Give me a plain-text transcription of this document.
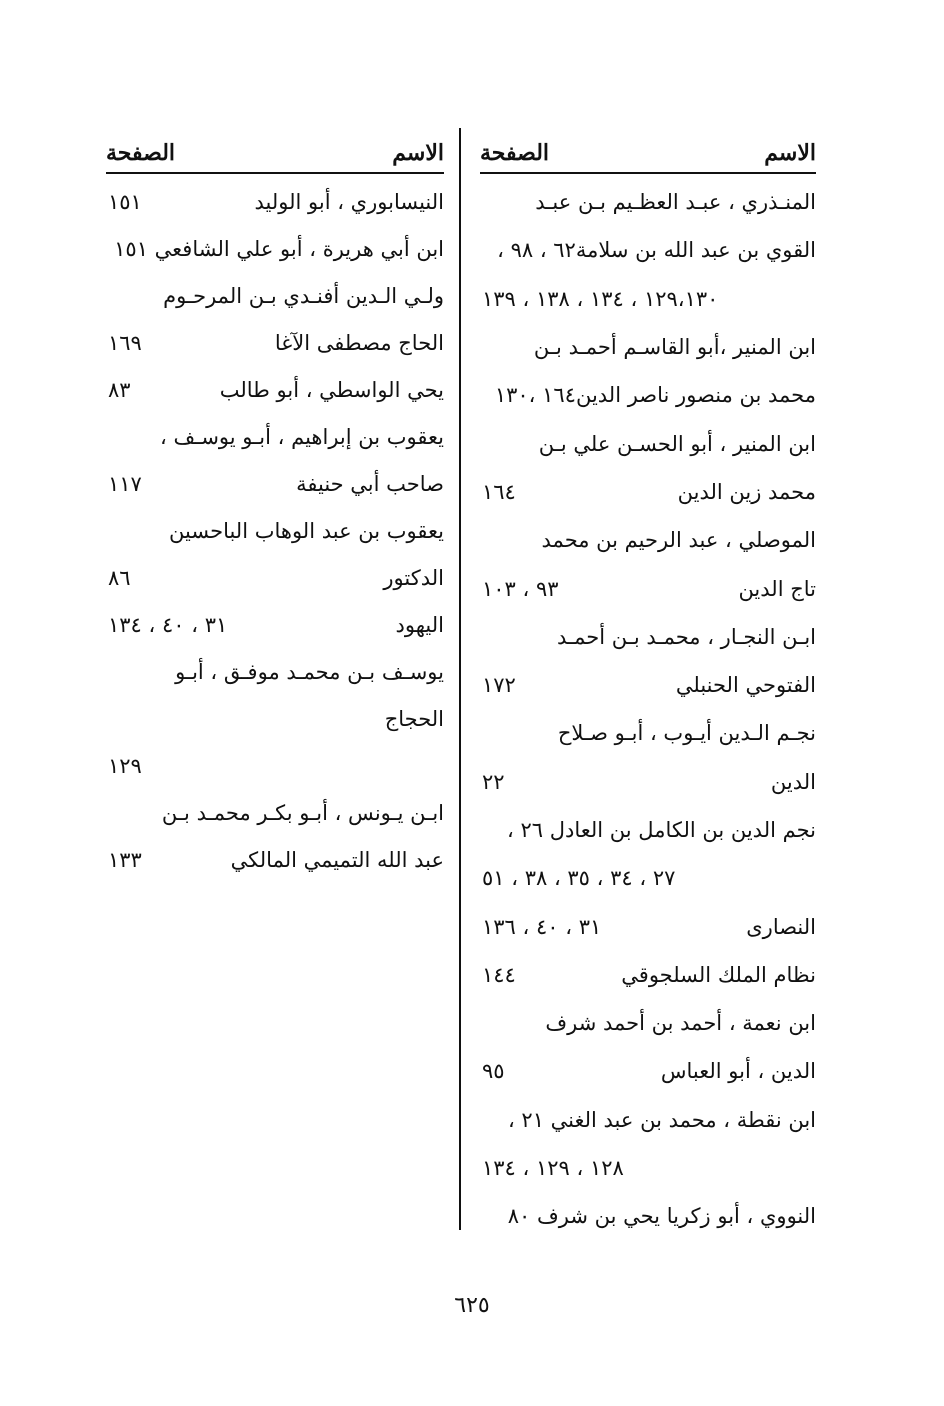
الاسم
الصفحة
المنـذري ، عبـد العظـيم بـن عبـد
القوي بن عبد الله بن سلامة٦٢ ، ٩٨ ،
١٢٩،١٣٠ ، ١٣٤ ، ١٣٨ ، ١٣٩
ابن المنير ،أبو القاسـم أحمـد بـن
محمد بن منصور ناصر الدين١٦٤ ،١٣٠
ابن المنير ، أبو الحسـن علي بـن
محمد زين الدين
١٦٤
الموصلي ، عبد الرحيم بن محمد
تاج الدين
٩٣ ، ١٠٣
ابـن النجـار ، محمـد بـن أحمـد
الفتوحي الحنبلي
١٧٢
نجـم الـدين أيـوب ، أبـو صـلاح
الدين
٢٢
نجم الدين بن الكامل بن العادل ٢٦ ،
٢٧ ، ٣٤ ، ٣٥ ، ٣٨ ، ٥١
النصارى
٣١ ، ٤٠ ، ١٣٦
نظام الملك السلجوقي
١٤٤
ابن نعمة ، أحمد بن أحمد شرف
الدين ، أبو العباس
٩٥
ابن نقطة ، محمد بن عبد الغني ٢١ ،
١٢٨ ، ١٢٩ ، ١٣٤
النووي ، أبو زكريا يحي بن شرف ٨٠
الاسم
الصفحة
النيسابوري ، أبو الوليد
١٥١
ابن أبي هريرة ، أبو علي الشافعي ١٥١
ولـي الـدين أفنـدي بـن المرحـوم
الحاج مصطفى الآغا
١٦٩
يحي الواسطي ، أبو طالب
٨٣
يعقوب بن إبراهيم ، أبـو يوسـف ،
صاحب أبي حنيفة
١١٧
يعقوب بن عبد الوهاب الباحسين
الدكتور
٨٦
اليهود
٣١ ، ٤٠ ، ١٣٤
يوسـف بـن محمـد موفـق ، أبـو
الحجاج
١٢٩
ابـن يـونس ، أبـو بكـر محمـد بـن
عبد الله التميمي المالكي
١٣٣
٦٢٥
